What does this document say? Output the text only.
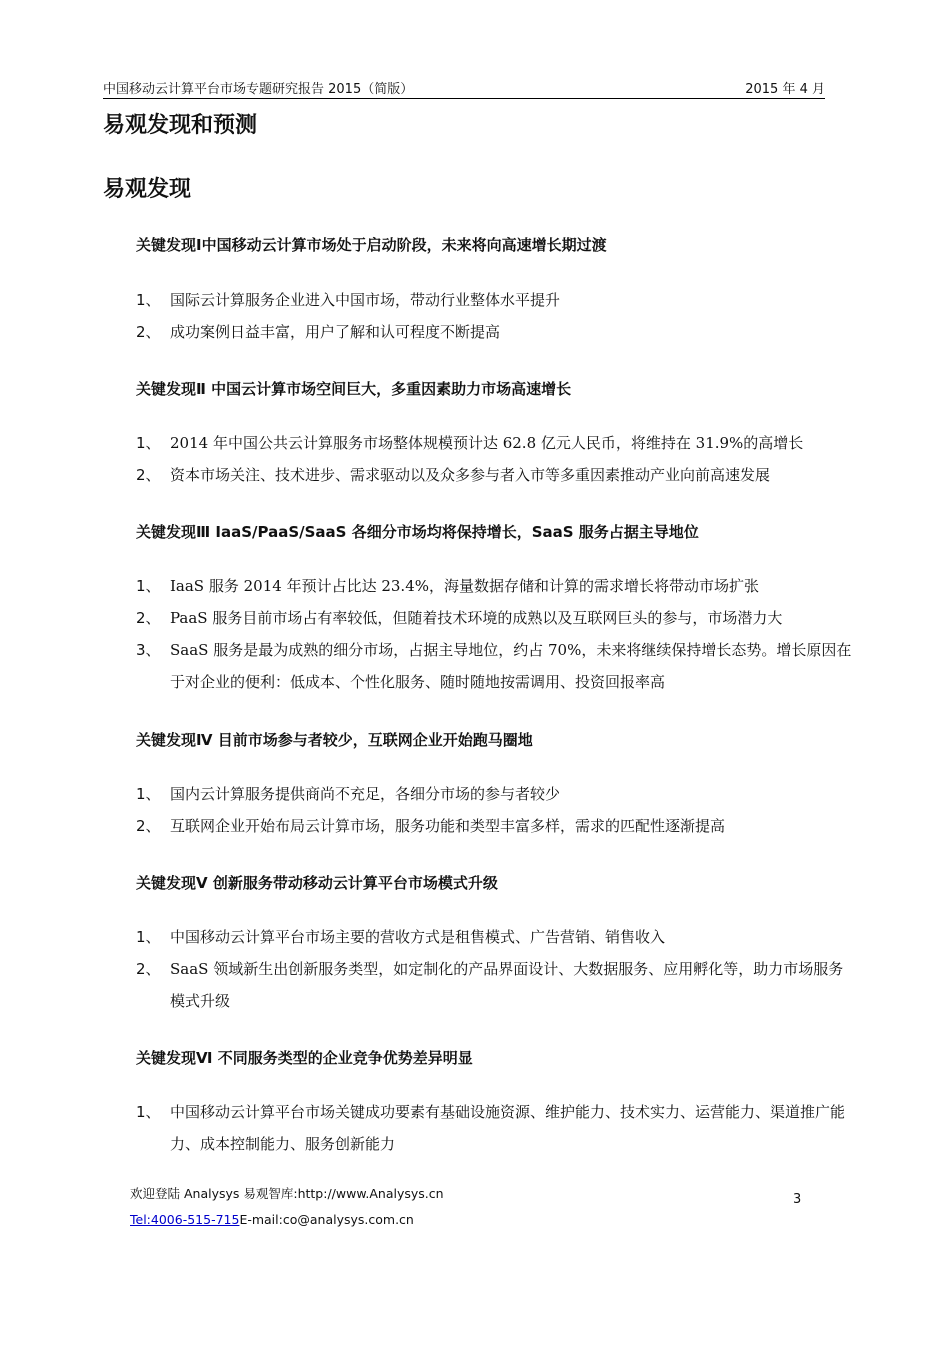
中国移动云计算平台市场专题研究报告 2015（简版）	2015 年 4 月
易观发现和预测
易观发现
关键发现Ⅰ中国移动云计算市场处于启动阶段，未来将向高速增长期过渡
1、 国际云计算服务企业进入中国市场，带动行业整体水平提升
2、 成功案例日益丰富，用户了解和认可程度不断提高
关键发现Ⅱ 中国云计算市场空间巨大，多重因素助力市场高速增长
1、 2014 年中国公共云计算服务市场整体规模预计达 62.8 亿元人民币，将维持在 31.9%的高增长
2、 资本市场关注、技术进步、需求驱动以及众多参与者入市等多重因素推动产业向前高速发展
关键发现Ⅲ IaaS/PaaS/SaaS 各细分市场均将保持增长，SaaS 服务占据主导地位
1、 IaaS 服务 2014 年预计占比达 23.4%，海量数据存储和计算的需求增长将带动市场扩张
2、 PaaS 服务目前市场占有率较低，但随着技术环境的成熟以及互联网巨头的参与，市场潜力大
3、 SaaS 服务是最为成熟的细分市场，占据主导地位，约占 70%，未来将继续保持增长态势。增长原因在于对企业的便利：低成本、个性化服务、随时随地按需调用、投资回报率高
关键发现Ⅳ 目前市场参与者较少，互联网企业开始跑马圈地
1、 国内云计算服务提供商尚不充足，各细分市场的参与者较少
2、 互联网企业开始布局云计算市场，服务功能和类型丰富多样，需求的匹配性逐渐提高
关键发现Ⅴ 创新服务带动移动云计算平台市场模式升级
1、 中国移动云计算平台市场主要的营收方式是租售模式、广告营销、销售收入
2、 SaaS 领域新生出创新服务类型，如定制化的产品界面设计、大数据服务、应用孵化等，助力市场服务模式升级
关键发现Ⅵ 不同服务类型的企业竞争优势差异明显
1、 中国移动云计算平台市场关键成功要素有基础设施资源、维护能力、技术实力、运营能力、渠道推广能力、成本控制能力、服务创新能力
欢迎登陆 Analysys 易观智库:http://www.Analysys.cn
Tel:4006-515-715E-mail:co@analysys.com.cn
3
